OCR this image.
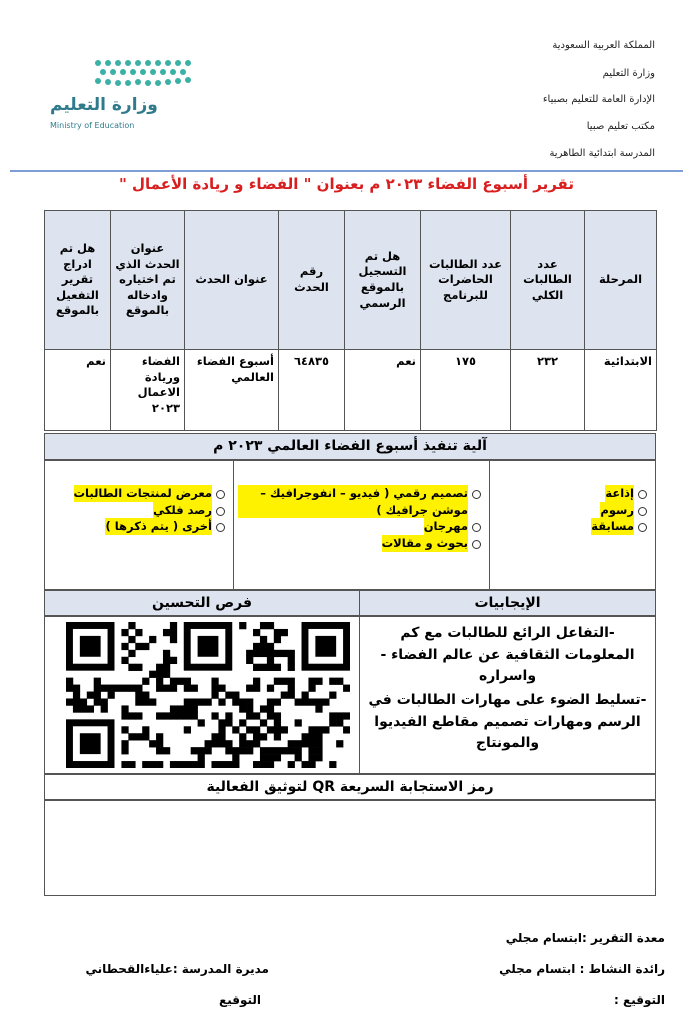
المملكة العربية السعودية
وزارة التعليم
الإدارة العامة للتعليم بصبياء
مكتب تعليم صبيا
المدرسة ابتدائية الطاهرية
وزارة التعليم
Ministry of Education
تقرير أسبوع الفضاء ٢٠٢٣ م بعنوان " الفضاء و ريادة الأعمال "
المرحلة	عدد الطالبات الكلي	عدد الطالبات الحاضرات للبرنامج	هل تم التسجيل بالموقع الرسمي	رقم الحدث	عنوان الحدث	عنوان الحدث الذي تم اختياره وادخاله بالموقع	هل تم ادراج تقرير التفعيل بالموقع
الابتدائية	٢٣٢	١٧٥	نعم	٦٤٨٣٥	أسبوع الفضاء العالمي	الفضاء وريادة الاعمال ٢٠٢٣	نعم
آلية تنفيذ أسبوع الفضاء العالمي ٢٠٢٣ م
إذاعة
رسوم
مسابقة
تصميم رقمي ( فيديو – انفوجرافيك – موشن جرافيك )
مهرجان
بحوث و مقالات
معرض لمنتجات الطالبات
رصد فلكي
أخرى ( يتم ذكرها )
الإيجابيات
فرص التحسين
-التفاعل الرائع للطالبات مع كم المعلومات الثقافية عن عالم الفضاء - واسراره
-تسليط الضوء على مهارات الطالبات في الرسم ومهارات تصميم مقاطع الفيديوا والمونتاج
رمز الاستجابة السريعة QR لتوثيق الفعالية
معدة التقرير :ابتسام مجلي
رائدة النشاط : ابتسام مجلي
التوقيع :
مديرة المدرسة :علياءالقحطاني
التوقيع
